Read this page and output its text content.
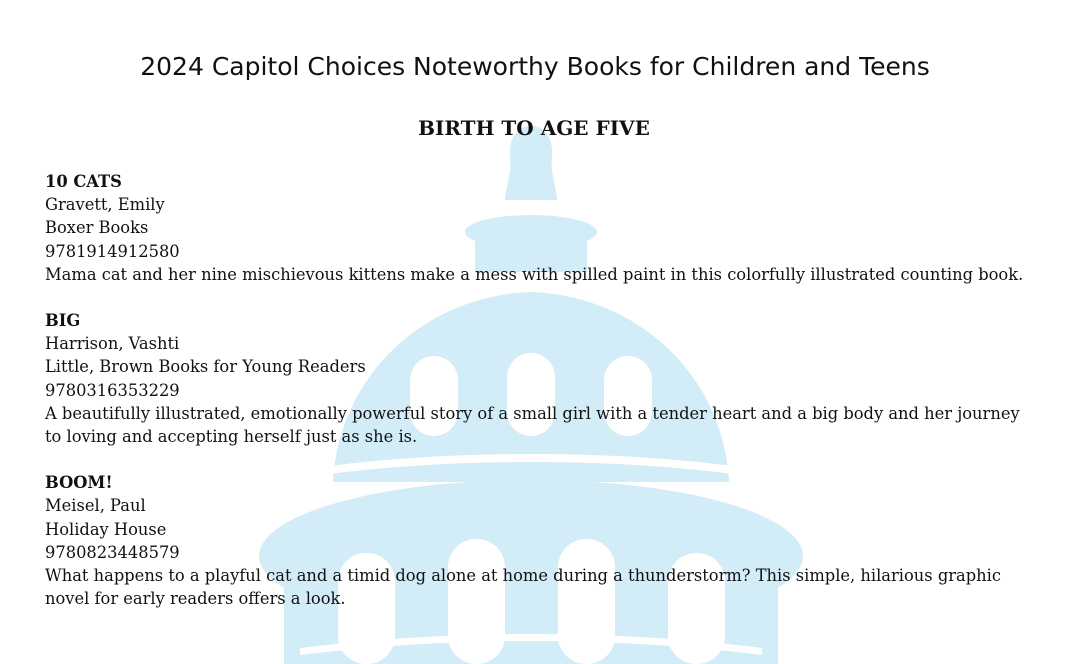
2024 Capitol Choices Noteworthy Books for Children and Teens
BIRTH TO AGE FIVE
10 CATS
Gravett, Emily
Boxer Books
9781914912580
Mama cat and her nine mischievous kittens make a mess with spilled paint in this colorfully illustrated counting book.
BIG
Harrison, Vashti
Little, Brown Books for Young Readers
9780316353229
A beautifully illustrated, emotionally powerful story of a small girl with a tender heart and a big body and her journey to loving and accepting herself just as she is.
BOOM!
Meisel, Paul
Holiday House
9780823448579
What happens to a playful cat and a timid dog alone at home during a thunderstorm? This simple, hilarious graphic novel for early readers offers a look.
